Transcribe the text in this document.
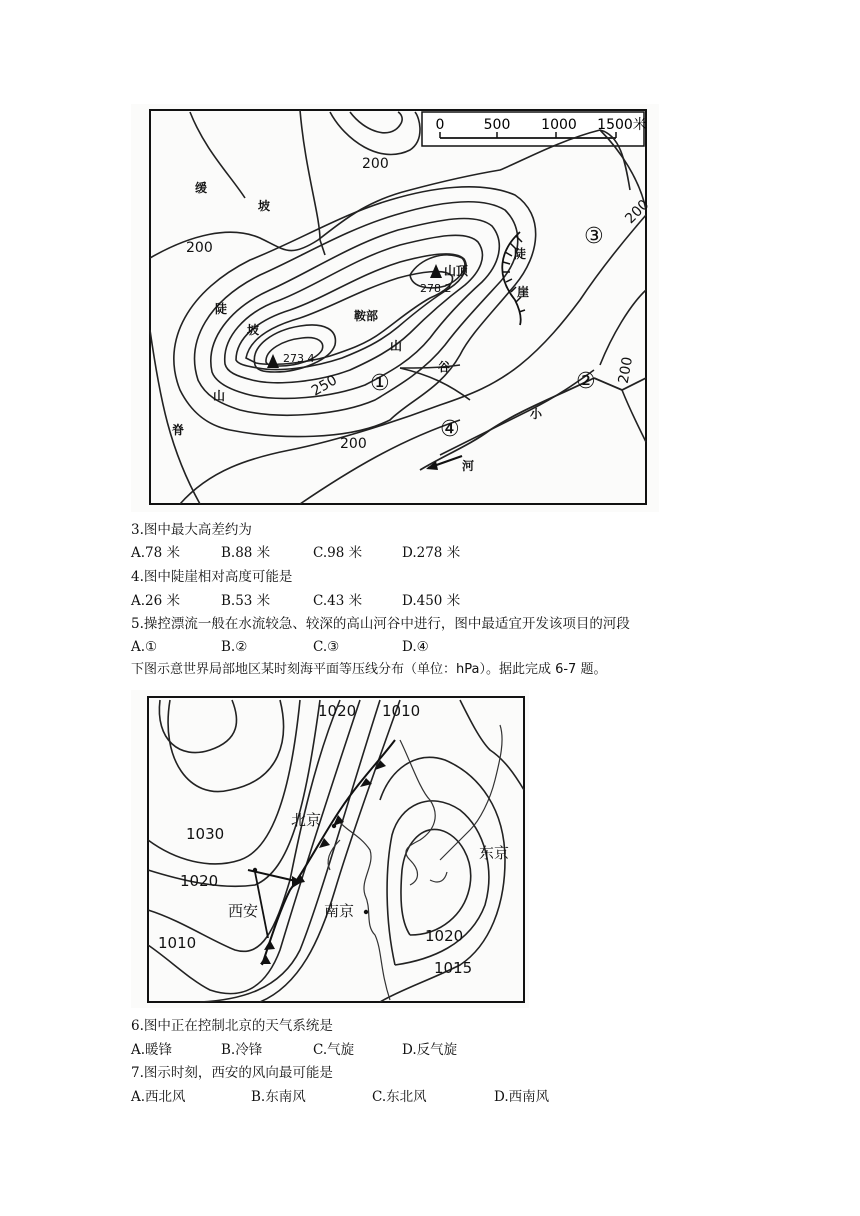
0	500 1000 1500米
200
200
200
200
250
200
缓
坡
陡
坡
山
脊
鞍部
山顶
陡
崖
山
谷
小
河
278.2
273.4
①	②
③
④
3.图中最大高差约为
A.78 米	B.88 米	C.98 米	D.278 米
4.图中陡崖相对高度可能是
A.26 米	B.53 米	C.43 米	D.450 米
5.操控漂流一般在水流较急、较深的高山河谷中进行，图中最适宜开发该项目的河段
A.①	B.②	C.③	D.④
下图示意世界局部地区某时刻海平面等压线分布（单位：hPa）。据此完成 6-7 题。
1020 1010
1030
1020
1010	1020
1015
北京
东京
西安	南京
6.图中正在控制北京的天气系统是
A.暖锋	B.冷锋	C.气旋	D.反气旋
7.图示时刻，西安的风向最可能是
A.西北风	B.东南风	C.东北风	D.西南风
